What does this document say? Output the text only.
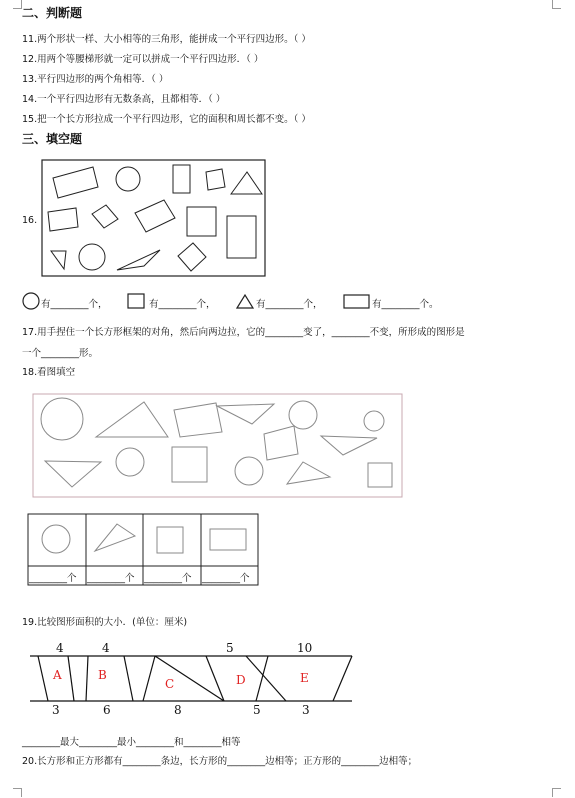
二、判断题
11.两个形状一样、大小相等的三角形，能拼成一个平行四边形。（ ）
12.用两个等腰梯形就一定可以拼成一个平行四边形．（ ）
13.平行四边形的两个角相等．（ ）
14.一个平行四边形有无数条高，且都相等．（ ）
15.把一个长方形拉成一个平行四边形，它的面积和周长都不变。（ ）
三、填空题
16.
有________个，	有________个，	有________个，	有________个。
17.用手捏住一个长方形框架的对角，然后向两边拉，它的________变了，________不变，所形成的图形是
一个________形。
18.看图填空
________个 ________个 ________个 ________个
19.比较图形面积的大小．(单位：厘米)
4	4	5	10
3	6	8	5	3
A	B
C	D	E
________最大________最小________和________相等
20.长方形和正方形都有________条边，长方形的________边相等；正方形的________边相等；
